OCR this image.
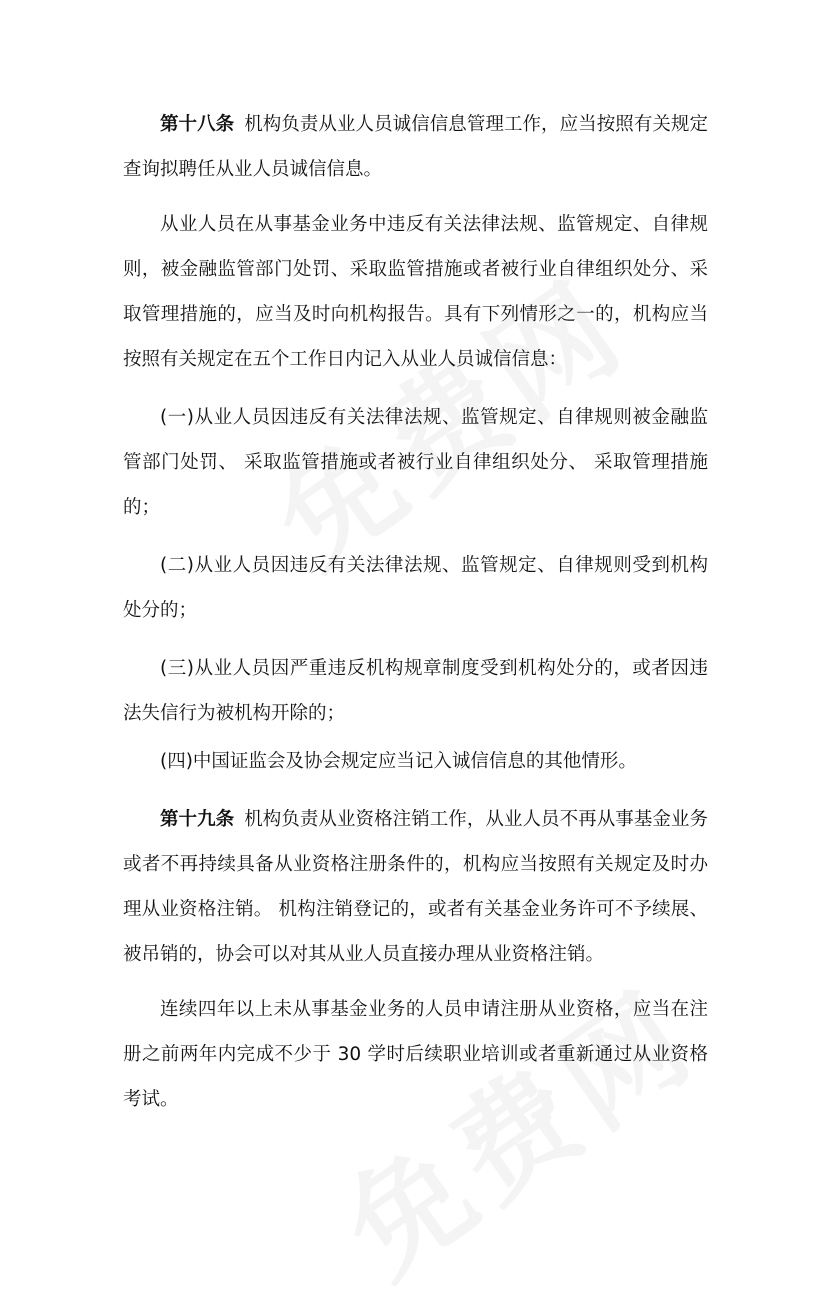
第十八条 机构负责从业人员诚信信息管理工作，应当按照有关规定查询拟聘任从业人员诚信信息。

从业人员在从事基金业务中违反有关法律法规、监管规定、自律规则，被金融监管部门处罚、采取监管措施或者被行业自律组织处分、采取管理措施的，应当及时向机构报告。具有下列情形之一的，机构应当按照有关规定在五个工作日内记入从业人员诚信信息：

(一)从业人员因违反有关法律法规、监管规定、自律规则被金融监管部门处罚、 采取监管措施或者被行业自律组织处分、 采取管理措施的；

(二)从业人员因违反有关法律法规、监管规定、自律规则受到机构处分的；

(三)从业人员因严重违反机构规章制度受到机构处分的，或者因违法失信行为被机构开除的；

(四)中国证监会及协会规定应当记入诚信信息的其他情形。

第十九条 机构负责从业资格注销工作，从业人员不再从事基金业务或者不再持续具备从业资格注册条件的，机构应当按照有关规定及时办理从业资格注销。 机构注销登记的，或者有关基金业务许可不予续展、被吊销的，协会可以对其从业人员直接办理从业资格注销。

连续四年以上未从事基金业务的人员申请注册从业资格，应当在注册之前两年内完成不少于 30 学时后续职业培训或者重新通过从业资格考试。
